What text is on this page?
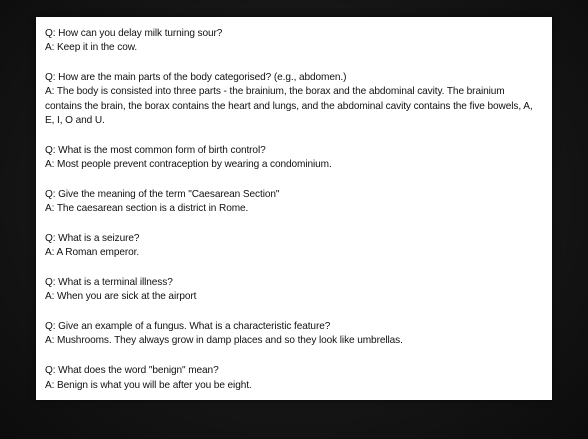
Q: How can you delay milk turning sour?

A: Keep it in the cow.

Q: How are the main parts of the body categorised? (e.g., abdomen.)

A: The body is consisted into three parts - the brainium, the borax and the abdominal cavity. The brainium contains the brain, the borax contains the heart and lungs, and the abdominal cavity contains the five bowels, A, E, I, O and U.

Q: What is the most common form of birth control?

A: Most people prevent contraception by wearing a condominium.

Q: Give the meaning of the term "Caesarean Section"

A: The caesarean section is a district in Rome.

Q: What is a seizure?

A: A Roman emperor.

Q: What is a terminal illness?

A: When you are sick at the airport

Q: Give an example of a fungus. What is a characteristic feature?

A: Mushrooms. They always grow in damp places and so they look like umbrellas.

Q: What does the word "benign" mean?

A: Benign is what you will be after you be eight.
